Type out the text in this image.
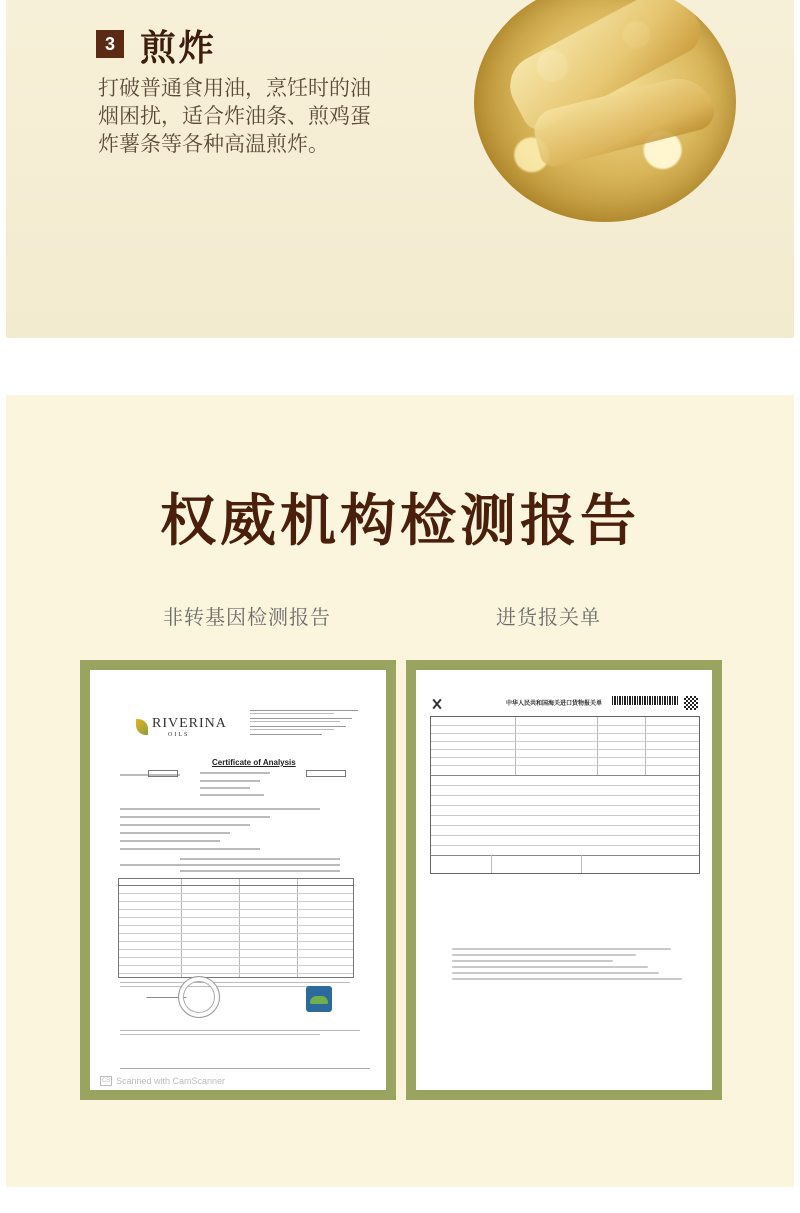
3 煎炸
打破普通食用油，烹饪时的油
烟困扰，适合炸油条、煎鸡蛋
炸薯条等各种高温煎炸。
权威机构检测报告
非转基因检测报告	进货报关单
RIVERINA
OILS
Certificate of Analysis
CS Scanned with CamScanner
中华人民共和国海关进口货物报关单
